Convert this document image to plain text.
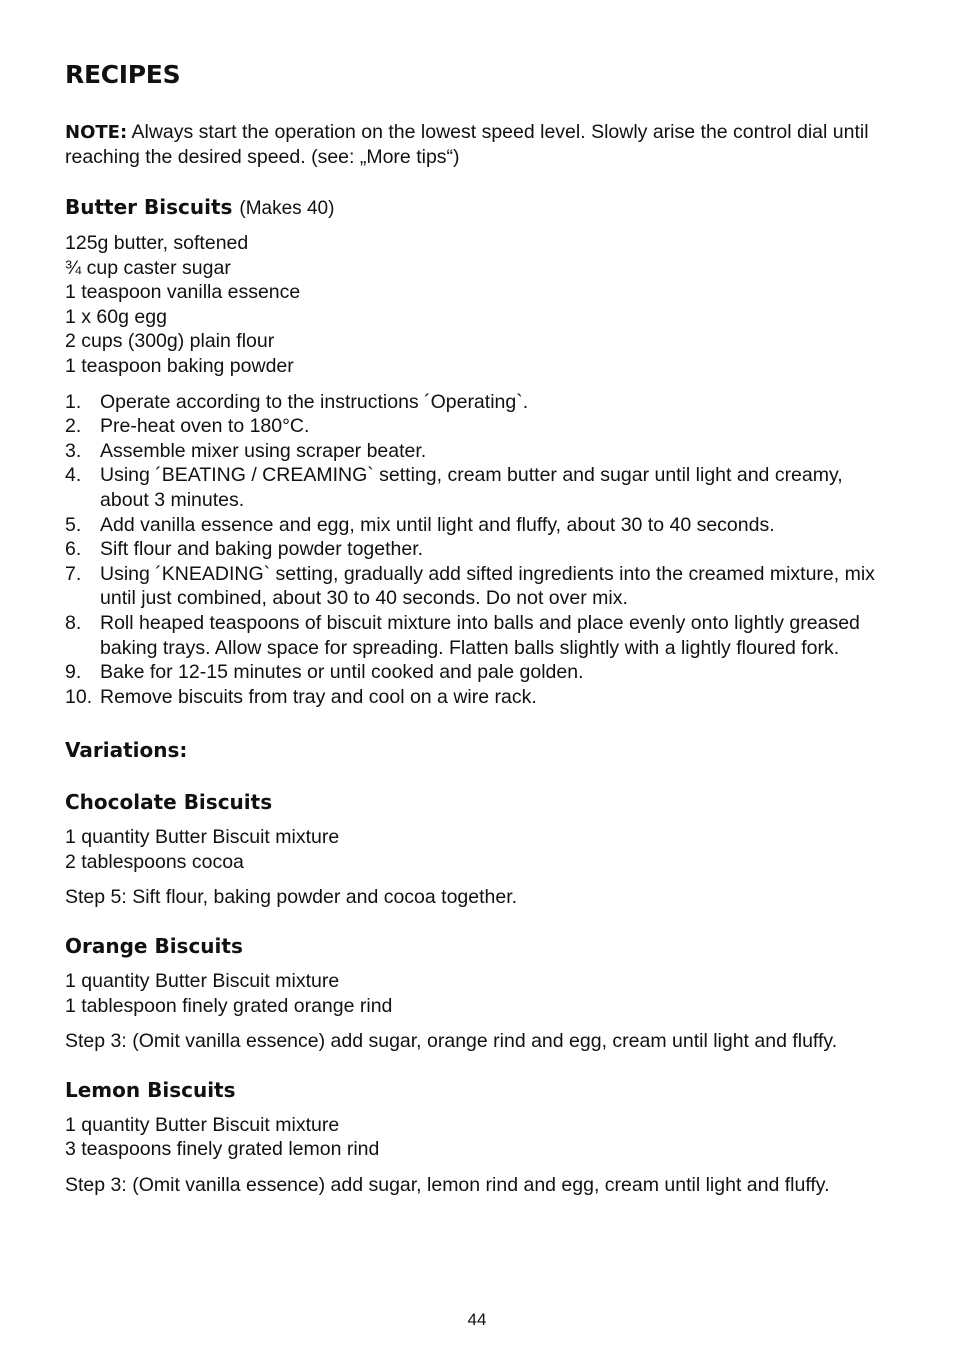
RECIPES

NOTE: Always start the operation on the lowest speed level. Slowly arise the control dial until reaching the desired speed. (see: „More tips“)

Butter Biscuits (Makes 40)
125g butter, softened
¾ cup caster sugar
1 teaspoon vanilla essence
1 x 60g egg
2 cups (300g) plain flour
1 teaspoon baking powder
1. Operate according to the instructions ´Operating`.
2. Pre-heat oven to 180°C.
3. Assemble mixer using scraper beater.
4. Using ´BEATING / CREAMING` setting, cream butter and sugar until light and creamy, about 3 minutes.
5. Add vanilla essence and egg, mix until light and fluffy, about 30 to 40 seconds.
6. Sift flour and baking powder together.
7. Using ´KNEADING` setting, gradually add sifted ingredients into the creamed mixture, mix until just combined, about 30 to 40 seconds. Do not over mix.
8. Roll heaped teaspoons of biscuit mixture into balls and place evenly onto lightly greased baking trays. Allow space for spreading. Flatten balls slightly with a lightly floured fork.
9. Bake for 12-15 minutes or until cooked and pale golden.
10. Remove biscuits from tray and cool on a wire rack.
Variations:
Chocolate Biscuits
1 quantity Butter Biscuit mixture
2 tablespoons cocoa

Step 5: Sift flour, baking powder and cocoa together.

Orange Biscuits
1 quantity Butter Biscuit mixture
1 tablespoon finely grated orange rind

Step 3: (Omit vanilla essence) add sugar, orange rind and egg, cream until light and fluffy.

Lemon Biscuits
1 quantity Butter Biscuit mixture
3 teaspoons finely grated lemon rind

Step 3: (Omit vanilla essence) add sugar, lemon rind and egg, cream until light and fluffy.

44
